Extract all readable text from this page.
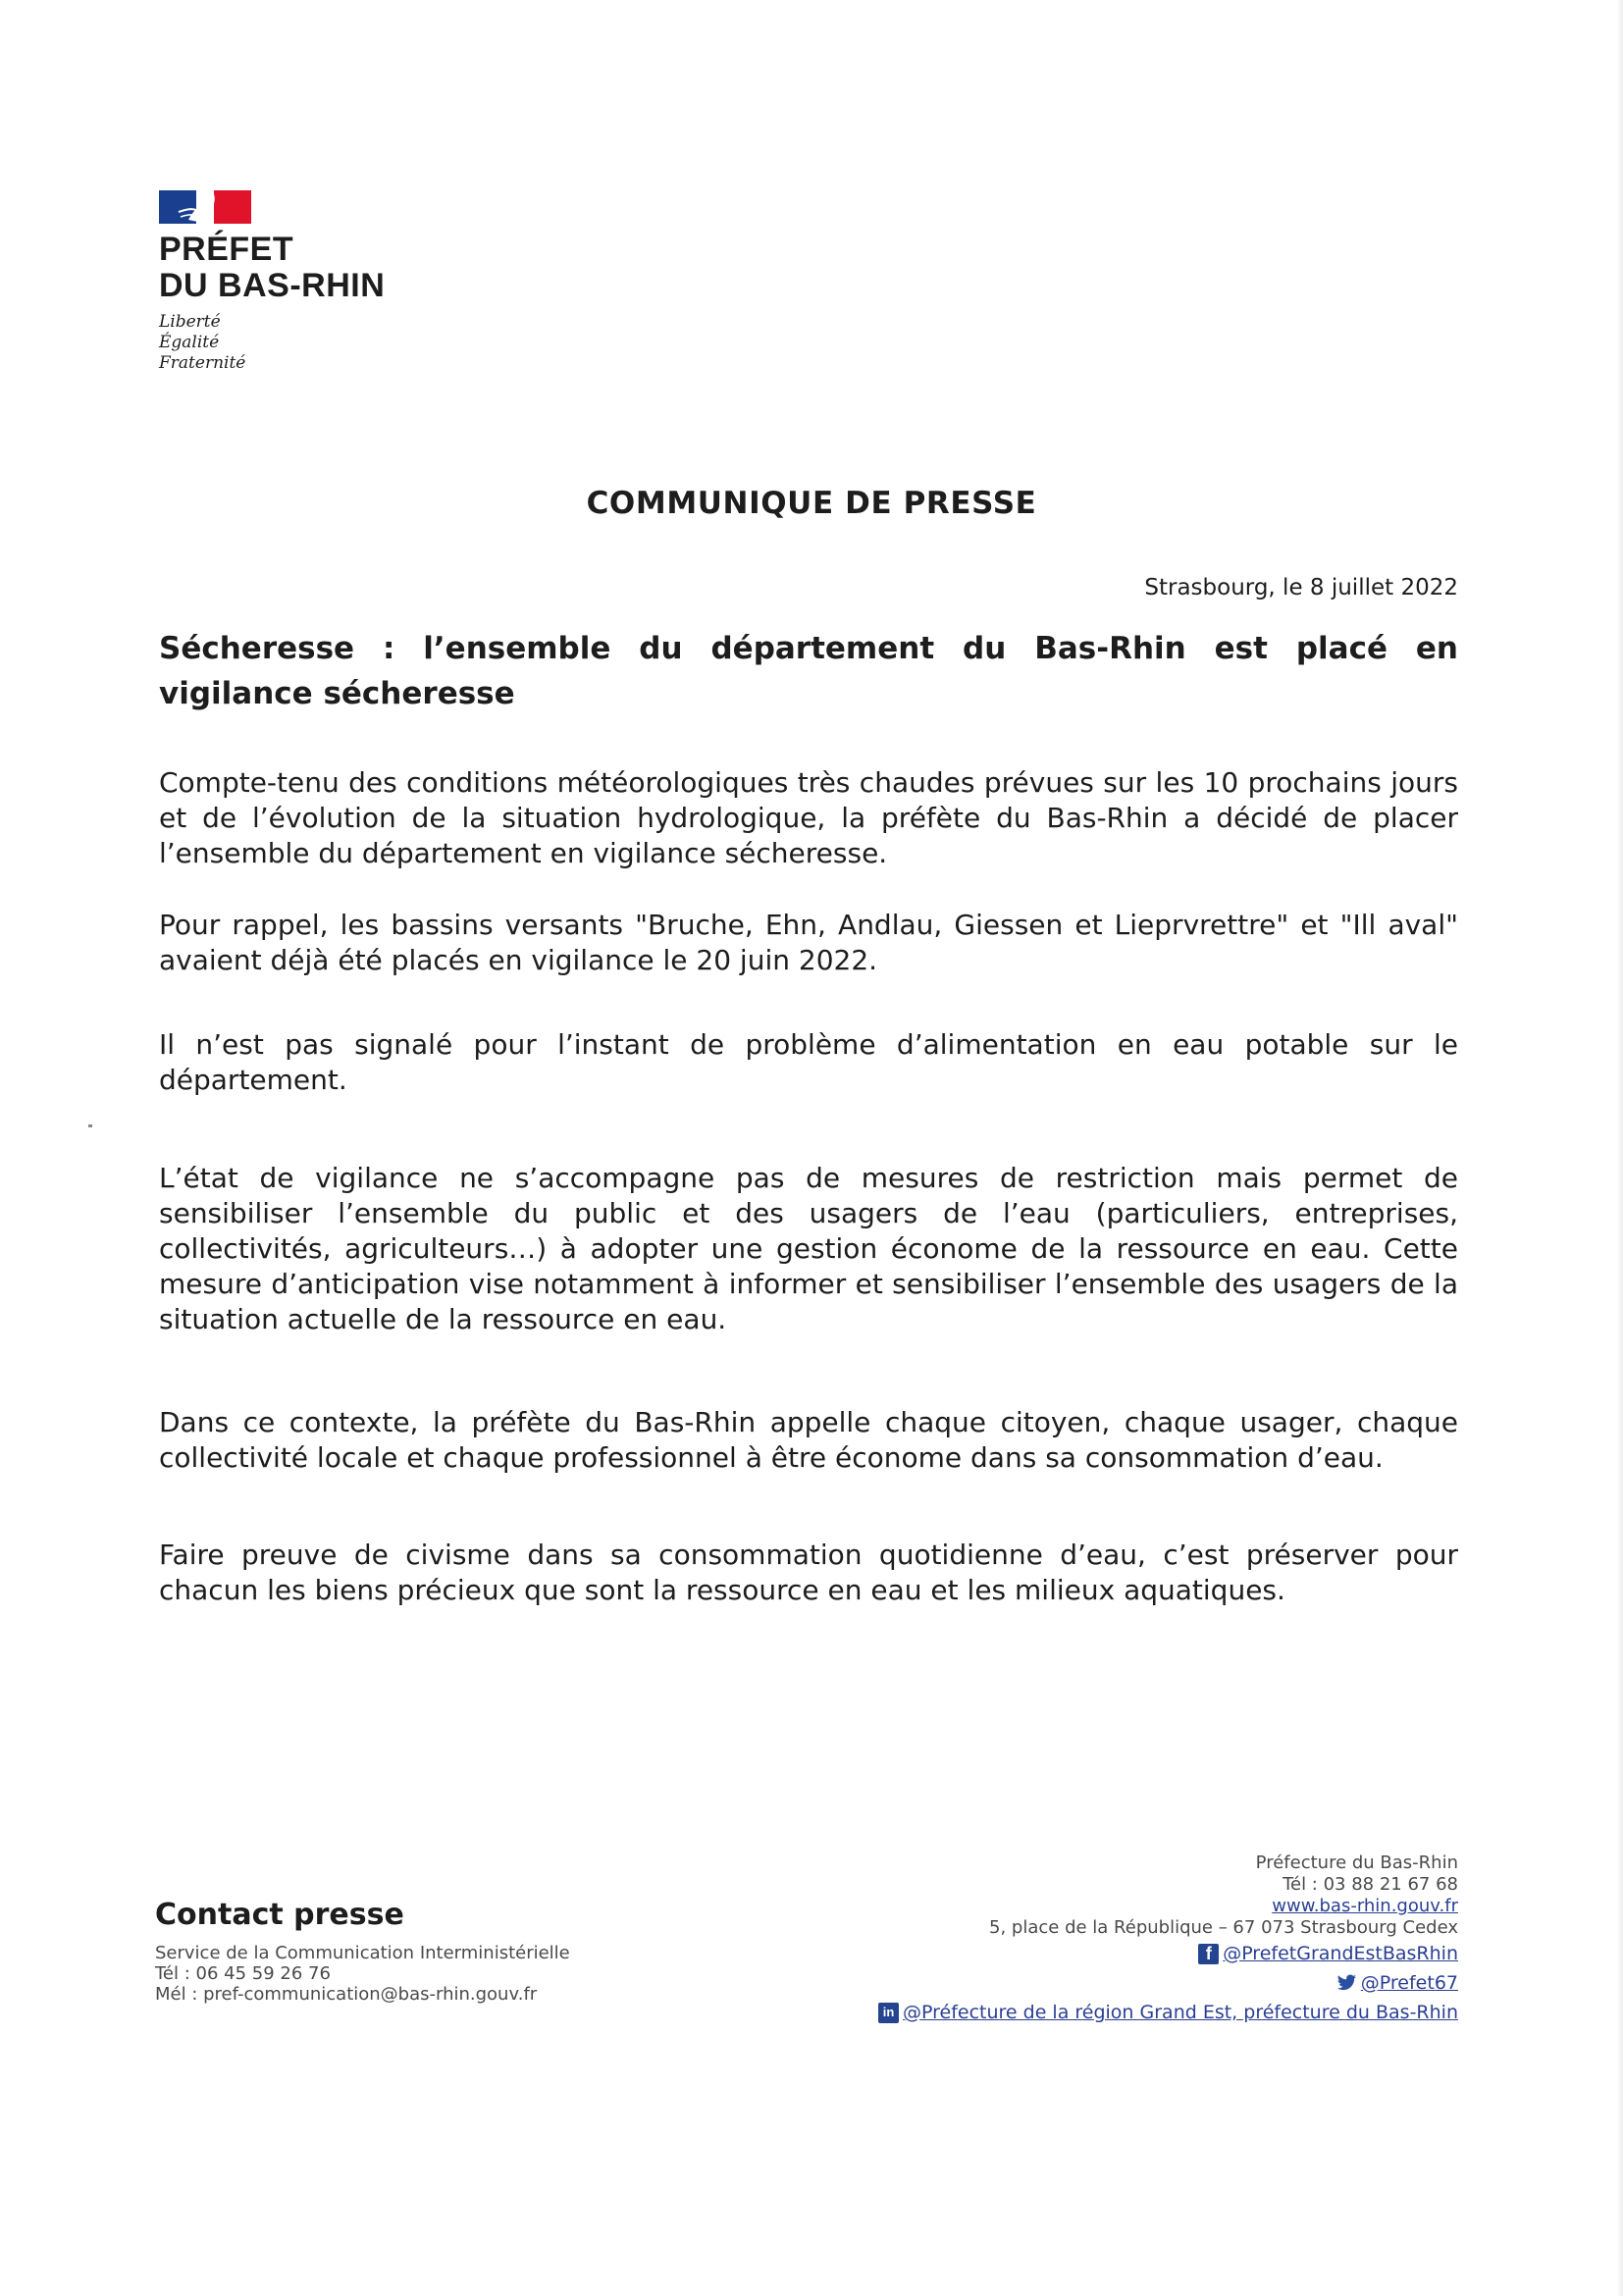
PRÉFET
DU BAS-RHIN
Liberté
Égalité
Fraternité
COMMUNIQUE DE PRESSE
Strasbourg, le 8 juillet 2022
Sécheresse : l’ensemble du département du Bas-Rhin est placé en vigilance sécheresse
Compte-tenu des conditions météorologiques très chaudes prévues sur les 10 prochains jours et de l’évolution de la situation hydrologique, la préfète du Bas-Rhin a décidé de placer l’ensemble du département en vigilance sécheresse.
Pour rappel, les bassins versants "Bruche, Ehn, Andlau, Giessen et Lieprvrettre" et "Ill aval" avaient déjà été placés en vigilance le 20 juin 2022.
Il n’est pas signalé pour l’instant de problème d’alimentation en eau potable sur le département.
L’état de vigilance ne s’accompagne pas de mesures de restriction mais permet de sensibiliser l’ensemble du public et des usagers de l’eau (particuliers, entreprises, collectivités, agriculteurs…) à adopter une gestion économe de la ressource en eau. Cette mesure d’anticipation vise notamment à informer et sensibiliser l’ensemble des usagers de la situation actuelle de la ressource en eau.
Dans ce contexte, la préfète du Bas-Rhin appelle chaque citoyen, chaque usager, chaque collectivité locale et chaque professionnel à être économe dans sa consommation d’eau.
Faire preuve de civisme dans sa consommation quotidienne d’eau, c’est préserver pour chacun les biens précieux que sont la ressource en eau et les milieux aquatiques.
Contact presse
Service de la Communication Interministérielle
Tél : 06 45 59 26 76
Mél : pref-communication@bas-rhin.gouv.fr
Préfecture du Bas-Rhin
Tél : 03 88 21 67 68
www.bas-rhin.gouv.fr
5, place de la République – 67 073 Strasbourg Cedex
f @PrefetGrandEstBasRhin
@Prefet67
in @Préfecture de la région Grand Est, préfecture du Bas-Rhin
